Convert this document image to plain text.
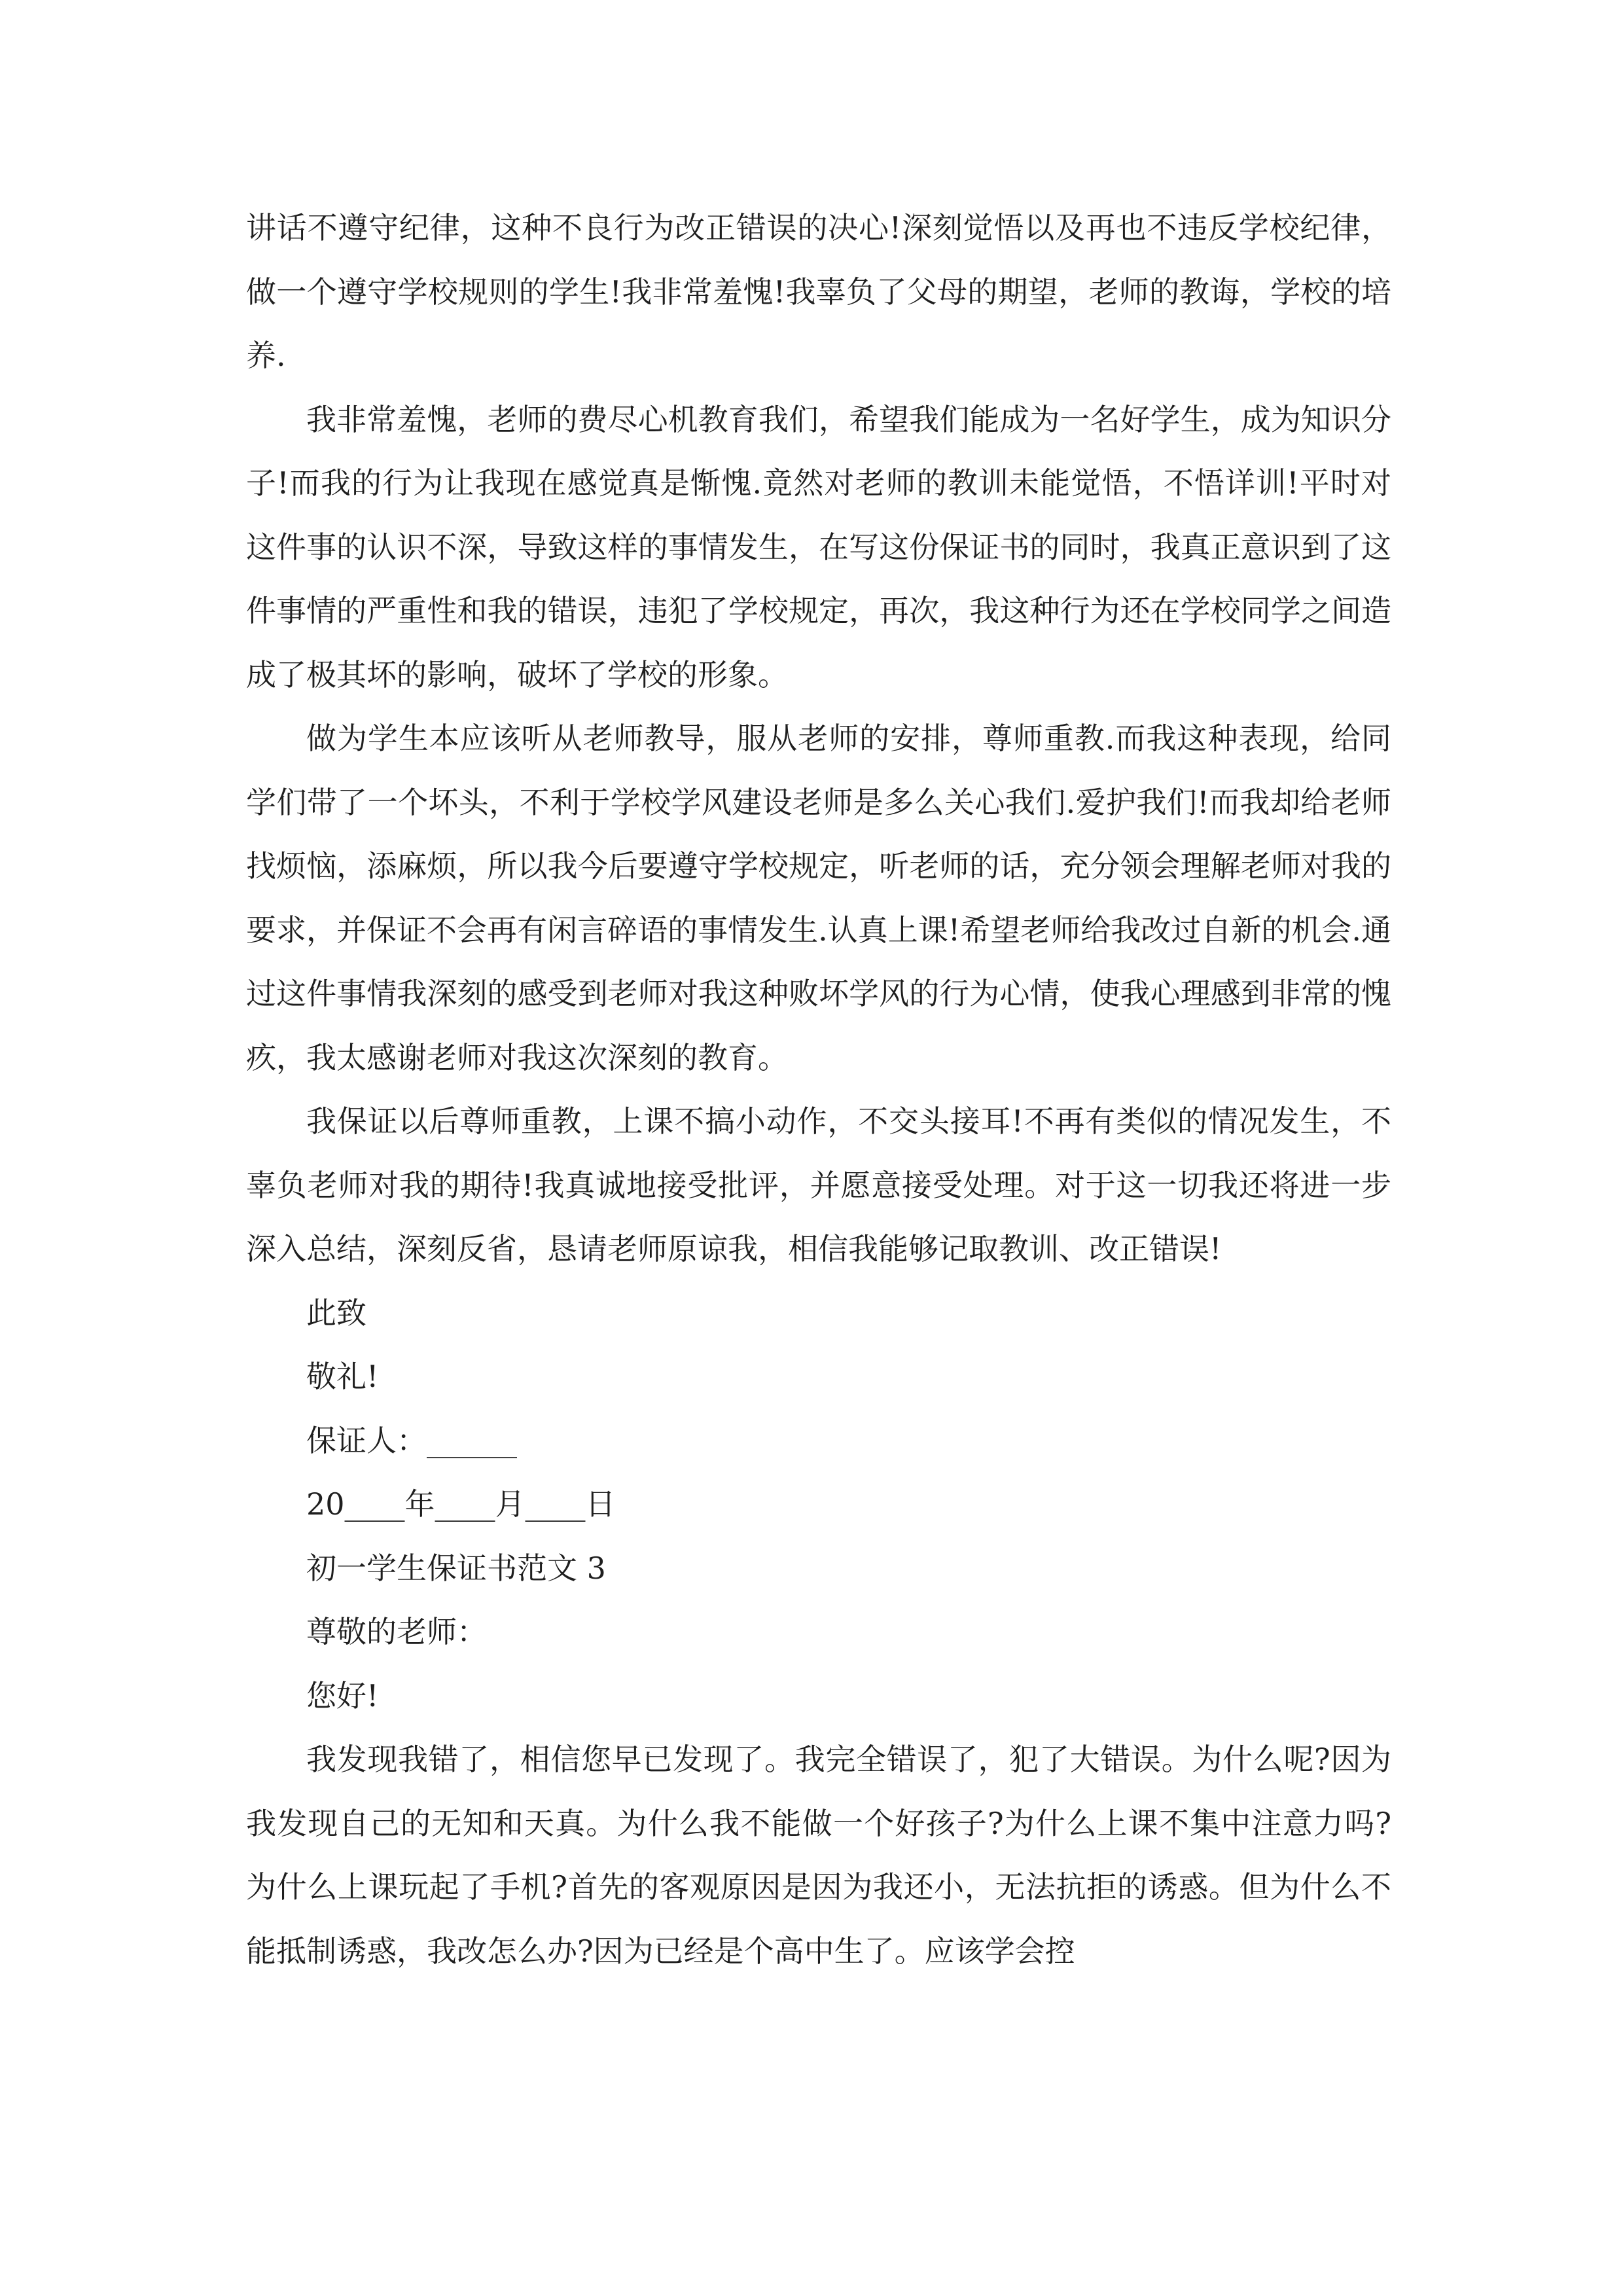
讲话不遵守纪律，这种不良行为改正错误的决心!深刻觉悟以及再也不违反学校纪律，做一个遵守学校规则的学生!我非常羞愧!我辜负了父母的期望，老师的教诲，学校的培养.

我非常羞愧，老师的费尽心机教育我们，希望我们能成为一名好学生，成为知识分子!而我的行为让我现在感觉真是惭愧.竟然对老师的教训未能觉悟，不悟详训!平时对这件事的认识不深，导致这样的事情发生，在写这份保证书的同时，我真正意识到了这件事情的严重性和我的错误，违犯了学校规定，再次，我这种行为还在学校同学之间造成了极其坏的影响，破坏了学校的形象。

做为学生本应该听从老师教导，服从老师的安排，尊师重教.而我这种表现，给同学们带了一个坏头，不利于学校学风建设老师是多么关心我们.爱护我们!而我却给老师找烦恼，添麻烦，所以我今后要遵守学校规定，听老师的话，充分领会理解老师对我的要求，并保证不会再有闲言碎语的事情发生.认真上课!希望老师给我改过自新的机会.通过这件事情我深刻的感受到老师对我这种败坏学风的行为心情，使我心理感到非常的愧疚，我太感谢老师对我这次深刻的教育。

我保证以后尊师重教，上课不搞小动作，不交头接耳!不再有类似的情况发生，不辜负老师对我的期待!我真诚地接受批评，并愿意接受处理。对于这一切我还将进一步深入总结，深刻反省，恳请老师原谅我，相信我能够记取教训、改正错误!

此致

敬礼!

保证人：______

20____年____月____日

初一学生保证书范文 3

尊敬的老师：

您好!

我发现我错了，相信您早已发现了。我完全错误了，犯了大错误。为什么呢?因为我发现自己的无知和天真。为什么我不能做一个好孩子?为什么上课不集中注意力吗?为什么上课玩起了手机?首先的客观原因是因为我还小，无法抗拒的诱惑。但为什么不能抵制诱惑，我改怎么办?因为已经是个高中生了。应该学会控
